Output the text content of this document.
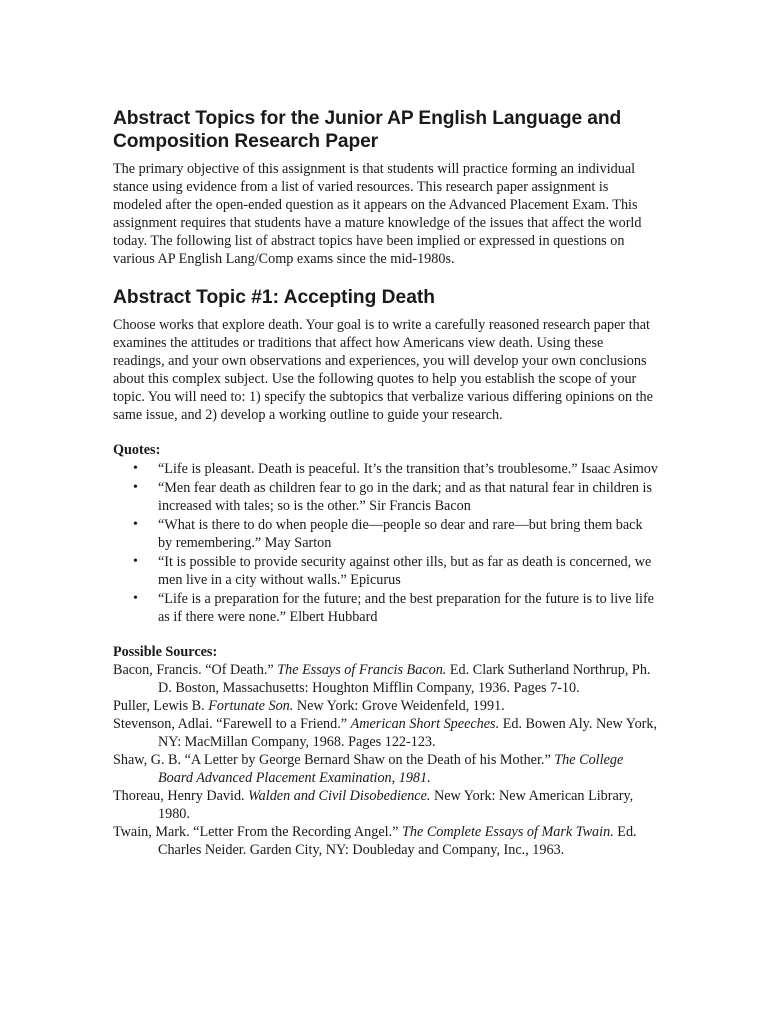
Abstract Topics for the Junior AP English Language and Composition Research Paper

The primary objective of this assignment is that students will practice forming an individual stance using evidence from a list of varied resources. This research paper assignment is modeled after the open-ended question as it appears on the Advanced Placement Exam. This assignment requires that students have a mature knowledge of the issues that affect the world today. The following list of abstract topics have been implied or expressed in questions on various AP English Lang/Comp exams since the mid-1980s.

Abstract Topic #1: Accepting Death

Choose works that explore death. Your goal is to write a carefully reasoned research paper that examines the attitudes or traditions that affect how Americans view death. Using these readings, and your own observations and experiences, you will develop your own conclusions about this complex subject. Use the following quotes to help you establish the scope of your topic. You will need to: 1) specify the subtopics that verbalize various differing opinions on the same issue, and 2) develop a working outline to guide your research.

Quotes:
• “Life is pleasant. Death is peaceful. It’s the transition that’s troublesome.” Isaac Asimov
• “Men fear death as children fear to go in the dark; and as that natural fear in children is increased with tales; so is the other.” Sir Francis Bacon
• “What is there to do when people die—people so dear and rare—but bring them back by remembering.” May Sarton
• “It is possible to provide security against other ills, but as far as death is concerned, we men live in a city without walls.” Epicurus
• “Life is a preparation for the future; and the best preparation for the future is to live life as if there were none.” Elbert Hubbard
Possible Sources:

Bacon, Francis. “Of Death.” The Essays of Francis Bacon. Ed. Clark Sutherland Northrup, Ph. D. Boston, Massachusetts: Houghton Mifflin Company, 1936. Pages 7-10.

Puller, Lewis B. Fortunate Son. New York: Grove Weidenfeld, 1991.

Stevenson, Adlai. “Farewell to a Friend.” American Short Speeches. Ed. Bowen Aly. New York, NY: MacMillan Company, 1968. Pages 122-123.

Shaw, G. B. “A Letter by George Bernard Shaw on the Death of his Mother.” The College Board Advanced Placement Examination, 1981.

Thoreau, Henry David. Walden and Civil Disobedience. New York: New American Library, 1980.

Twain, Mark. “Letter From the Recording Angel.” The Complete Essays of Mark Twain. Ed. Charles Neider. Garden City, NY: Doubleday and Company, Inc., 1963.
